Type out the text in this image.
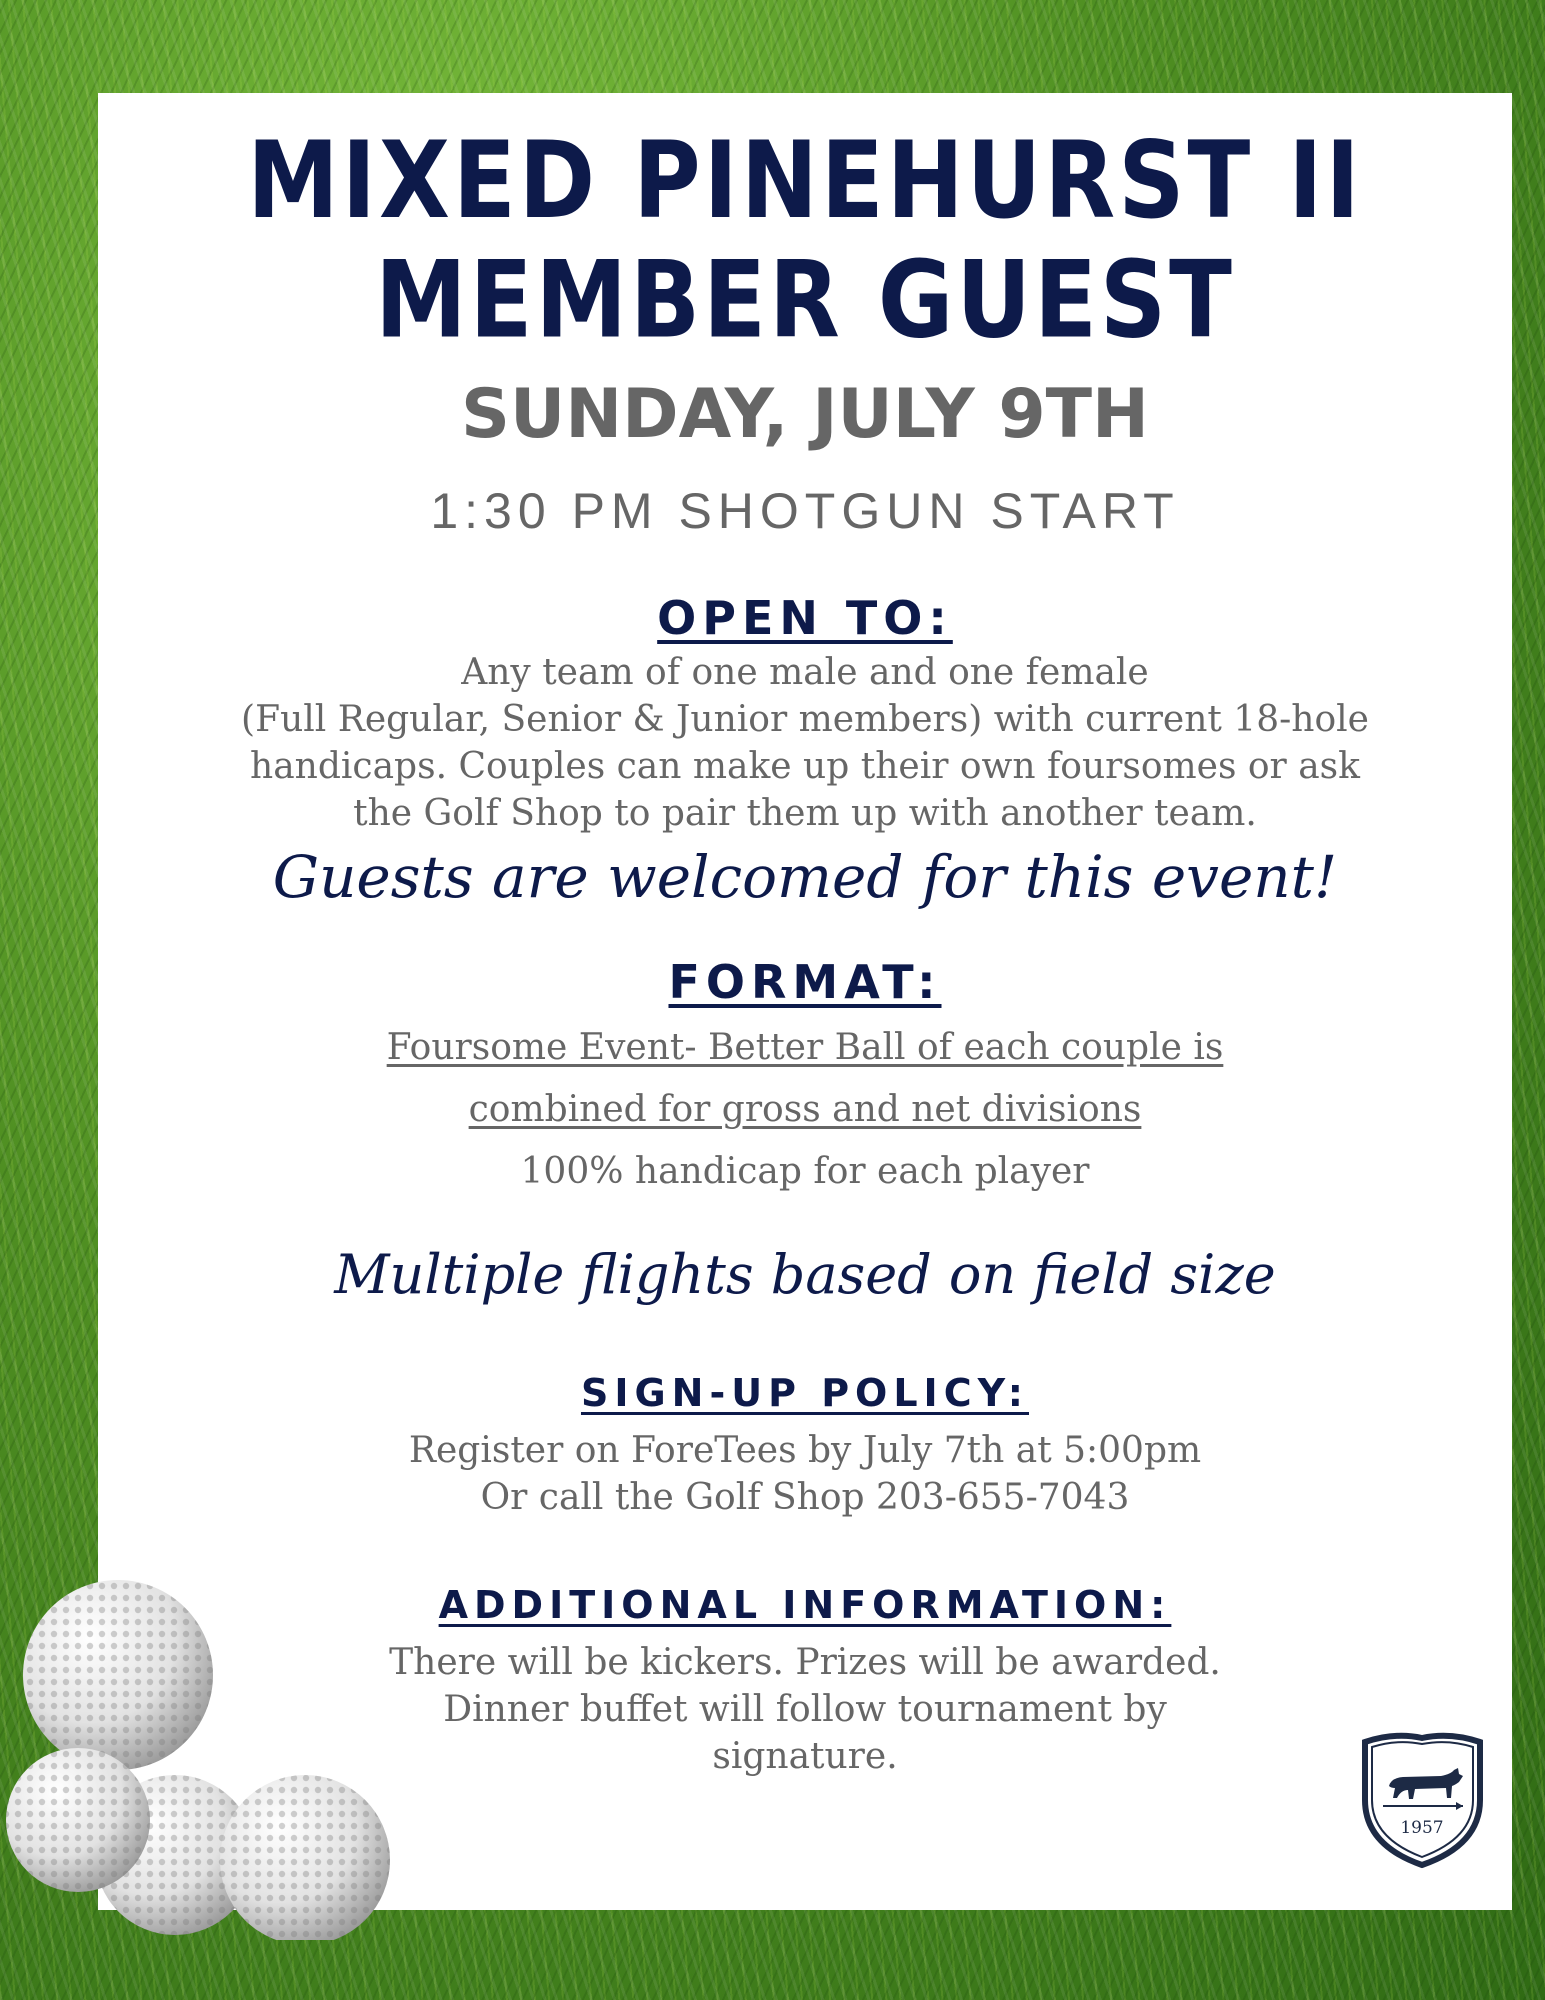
MIXED PINEHURST II
MEMBER GUEST
SUNDAY, JULY 9TH
1:30 PM SHOTGUN START
OPEN TO:

Any team of one male and one female

(Full Regular, Senior & Junior members) with current 18-hole

handicaps. Couples can make up their own foursomes or ask

the Golf Shop to pair them up with another team.

Guests are welcomed for this event!
FORMAT:
Foursome Event- Better Ball of each couple is
combined for gross and net divisions
100% handicap for each player
Multiple flights based on field size
SIGN-UP POLICY:

Register on ForeTees by July 7th at 5:00pm

Or call the Golf Shop 203-655-7043

ADDITIONAL INFORMATION:

There will be kickers. Prizes will be awarded.

Dinner buffet will follow tournament by

signature.

1957
